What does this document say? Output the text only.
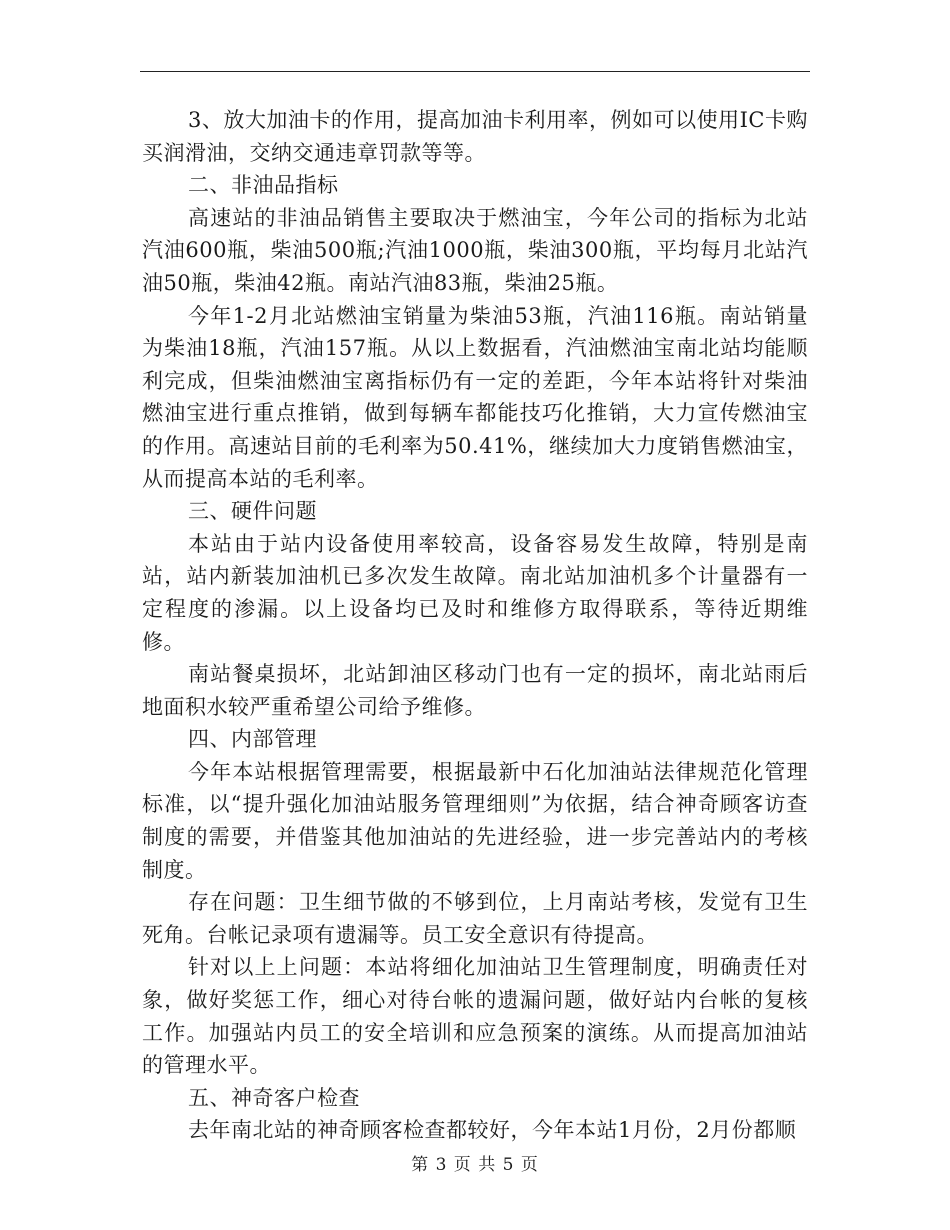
3、放大加油卡的作用，提高加油卡利用率，例如可以使用IC卡购买润滑油，交纳交通违章罚款等等。

二、非油品指标

高速站的非油品销售主要取决于燃油宝，今年公司的指标为北站汽油600瓶，柴油500瓶;汽油1000瓶，柴油300瓶，平均每月北站汽油50瓶，柴油42瓶。南站汽油83瓶，柴油25瓶。

今年1-2月北站燃油宝销量为柴油53瓶，汽油116瓶。南站销量为柴油18瓶，汽油157瓶。从以上数据看，汽油燃油宝南北站均能顺利完成，但柴油燃油宝离指标仍有一定的差距，今年本站将针对柴油燃油宝进行重点推销，做到每辆车都能技巧化推销，大力宣传燃油宝的作用。高速站目前的毛利率为50.41%，继续加大力度销售燃油宝，从而提高本站的毛利率。

三、硬件问题

本站由于站内设备使用率较高，设备容易发生故障，特别是南站，站内新装加油机已多次发生故障。南北站加油机多个计量器有一定程度的渗漏。以上设备均已及时和维修方取得联系，等待近期维修。

南站餐桌损坏，北站卸油区移动门也有一定的损坏，南北站雨后地面积水较严重希望公司给予维修。

四、内部管理

今年本站根据管理需要，根据最新中石化加油站法律规范化管理标准，以“提升强化加油站服务管理细则”为依据，结合神奇顾客访查制度的需要，并借鉴其他加油站的先进经验，进一步完善站内的考核制度。

存在问题：卫生细节做的不够到位，上月南站考核，发觉有卫生死角。台帐记录项有遗漏等。员工安全意识有待提高。

针对以上上问题：本站将细化加油站卫生管理制度，明确责任对象，做好奖惩工作，细心对待台帐的遗漏问题，做好站内台帐的复核工作。加强站内员工的安全培训和应急预案的演练。从而提高加油站的管理水平。

五、神奇客户检查

去年南北站的神奇顾客检查都较好，今年本站1月份，2月份都顺

第 3 页 共 5 页
